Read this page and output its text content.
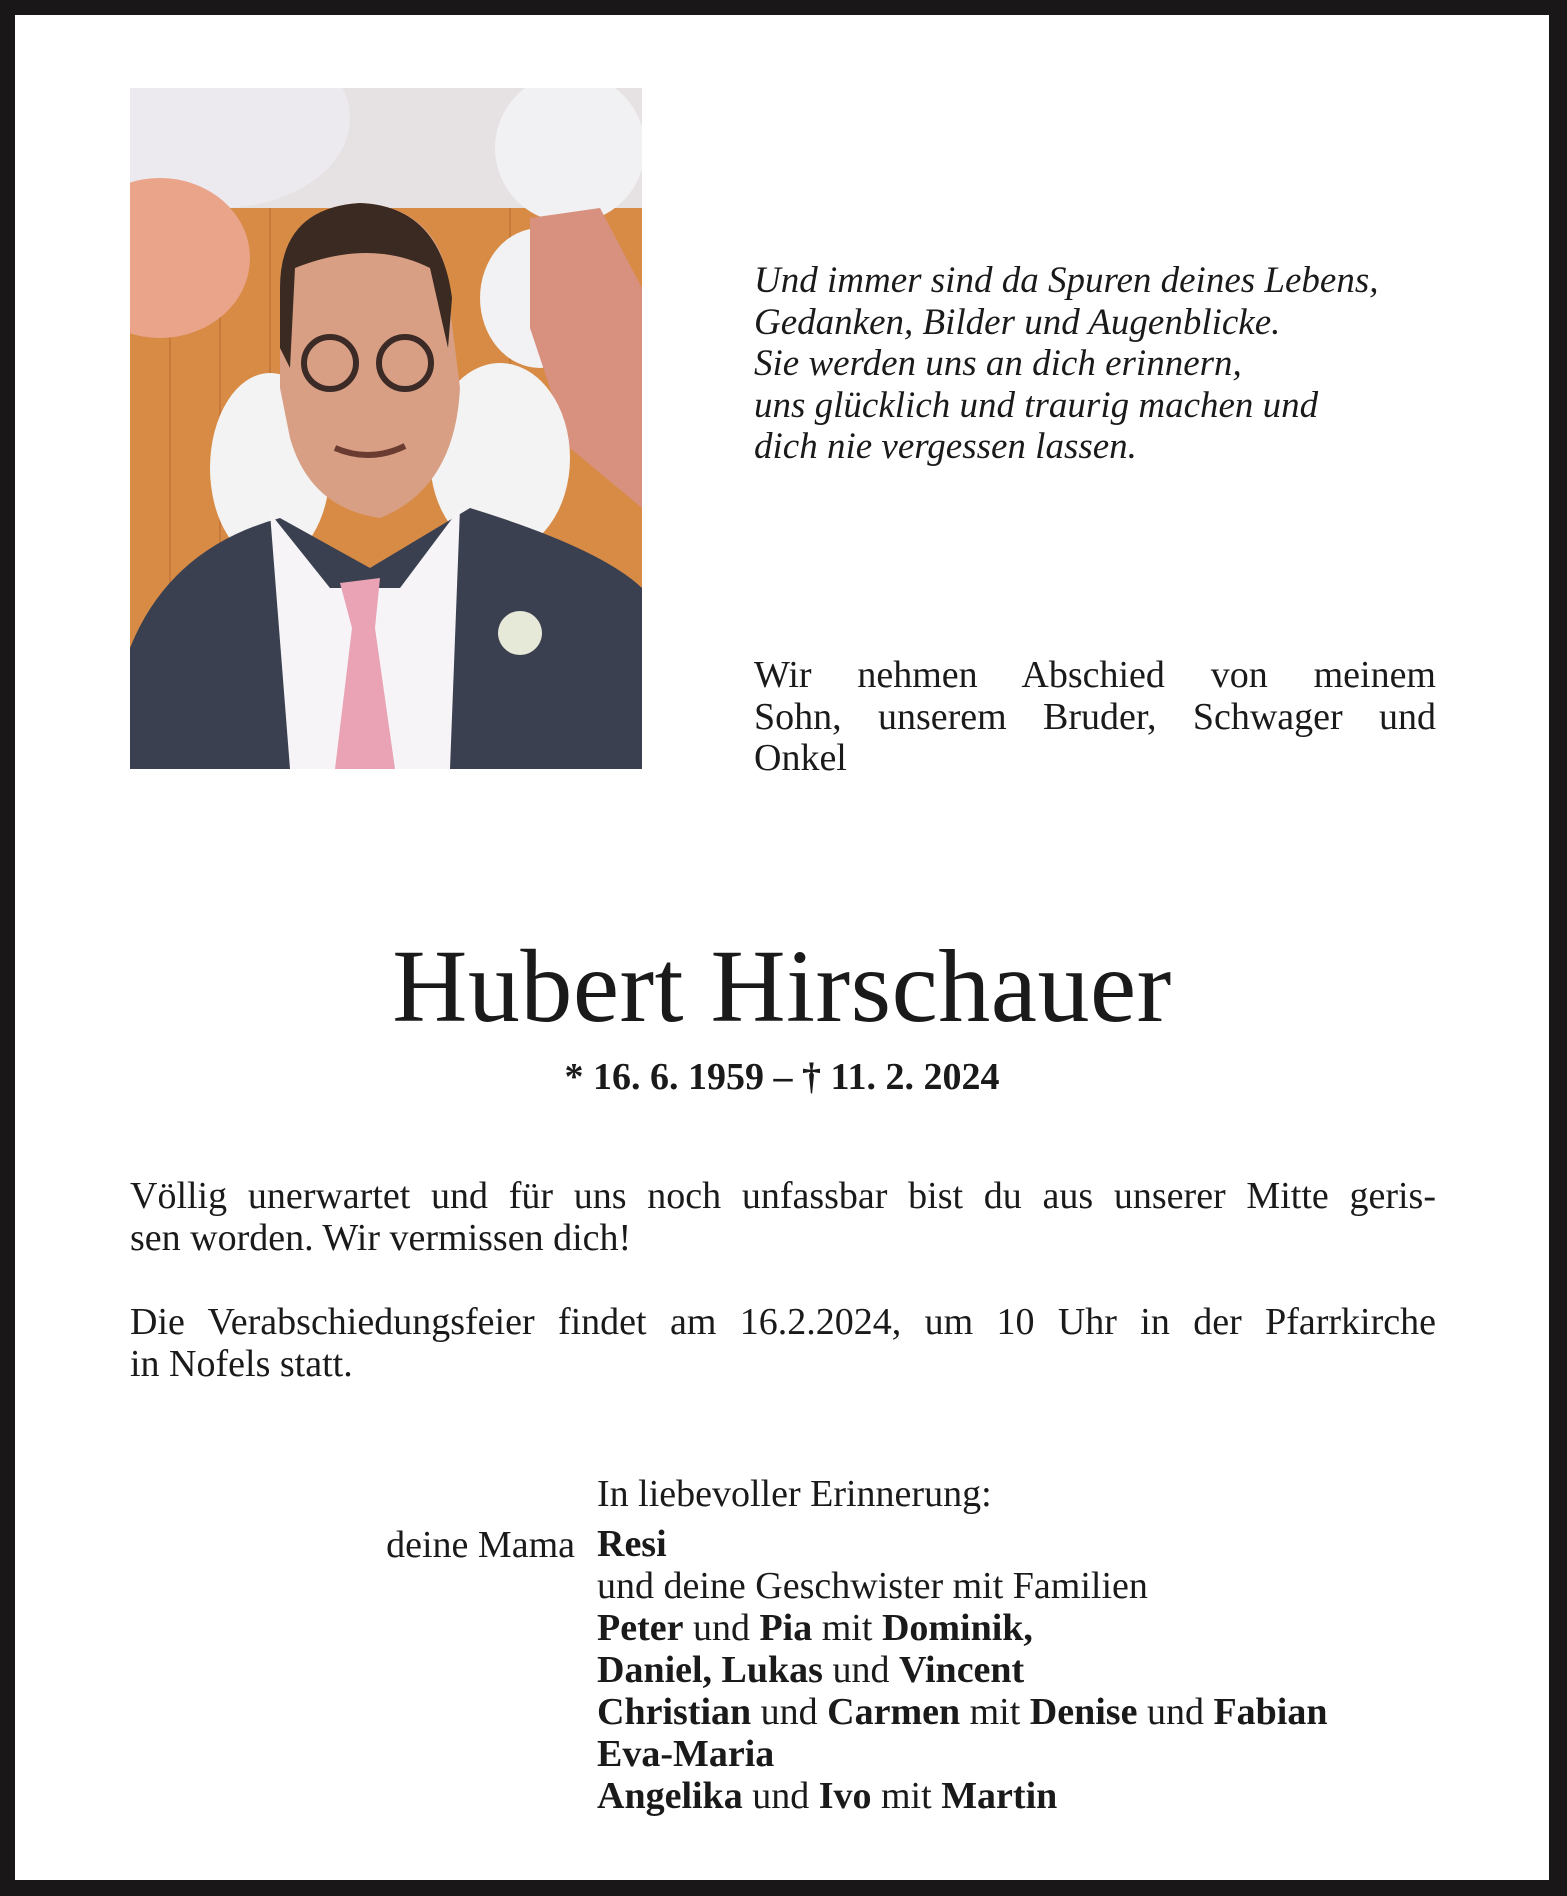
Und immer sind da Spuren deines Lebens,
Gedanken, Bilder und Augenblicke.
Sie werden uns an dich erinnern,
uns glücklich und traurig machen und
dich nie vergessen lassen.
Wir nehmen Abschied von meinem
Sohn, unserem Bruder, Schwager und
Onkel
Hubert Hirschauer
* 16. 6. 1959 – † 11. 2. 2024
Völlig unerwartet und für uns noch unfassbar bist du aus unserer Mitte geris-
sen worden. Wir vermissen dich!
Die Verabschiedungsfeier findet am 16.2.2024, um 10 Uhr in der Pfarrkirche
in Nofels statt.
In liebevoller Erinnerung:
deine Mama Resi
und deine Geschwister mit Familien
Peter und Pia mit Dominik,
Daniel, Lukas und Vincent
Christian und Carmen mit Denise und Fabian
Eva-Maria
Angelika und Ivo mit Martin
